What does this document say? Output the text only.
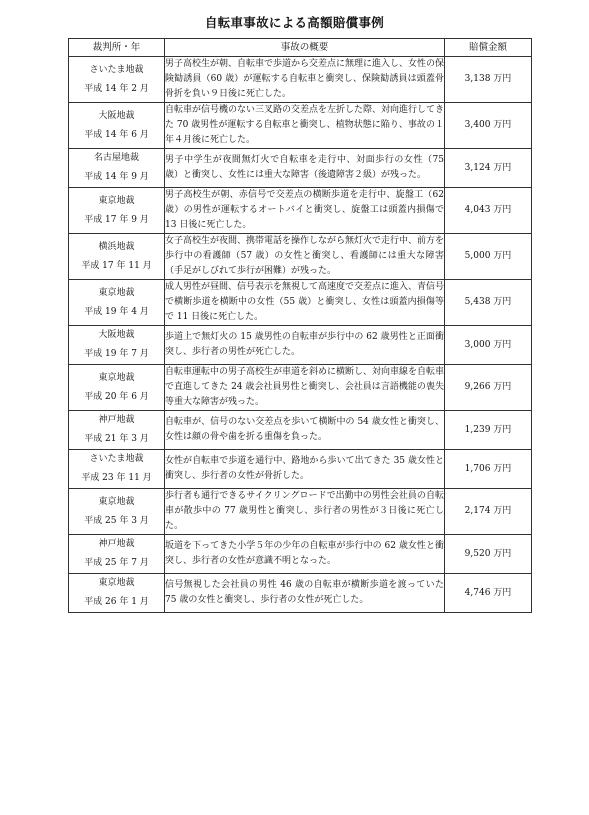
自転車事故による高額賠償事例
裁判所・年	事故の概要	賠償金額

さいたま地裁
平成 14 年 2 月	男子高校生が朝、自転車で歩道から交差点に無理に進入し、女性の保険勧誘員（60 歳）が運転する自転車と衝突し、保険勧誘員は頭蓋骨骨折を負い９日後に死亡した。	3,138 万円

大阪地裁
平成 14 年 6 月	自転車が信号機のない三叉路の交差点を左折した際、対向進行してきた 70 歳男性が運転する自転車と衝突し、植物状態に陥り、事故の１年４月後に死亡した。	3,400 万円

名古屋地裁
平成 14 年 9 月	男子中学生が夜間無灯火で自転車を走行中、対面歩行の女性（75 歳）と衝突し、女性には重大な障害（後遺障害２級）が残った。	3,124 万円

東京地裁
平成 17 年 9 月	男子高校生が朝、赤信号で交差点の横断歩道を走行中、旋盤工（62 歳）の男性が運転するオートバイと衝突し、旋盤工は頭蓋内損傷で 13 日後に死亡した。	4,043 万円

横浜地裁
平成 17 年 11 月	女子高校生が夜間、携帯電話を操作しながら無灯火で走行中、前方を歩行中の看護師（57 歳）の女性と衝突し、看護師には重大な障害（手足がしびれて歩行が困難）が残った。	5,000 万円

東京地裁
平成 19 年 4 月	成人男性が昼間、信号表示を無視して高速度で交差点に進入、青信号で横断歩道を横断中の女性（55 歳）と衝突し、女性は頭蓋内損傷等で 11 日後に死亡した。	5,438 万円

大阪地裁
平成 19 年 7 月	歩道上で無灯火の 15 歳男性の自転車が歩行中の 62 歳男性と正面衝突し、歩行者の男性が死亡した。	3,000 万円

東京地裁
平成 20 年 6 月	自転車運転中の男子高校生が車道を斜めに横断し、対向車線を自転車で直進してきた 24 歳会社員男性と衝突し、会社員は言語機能の喪失等重大な障害が残った。	9,266 万円

神戸地裁
平成 21 年 3 月	自転車が、信号のない交差点を歩いて横断中の 54 歳女性と衝突し、女性は顔の骨や歯を折る重傷を負った。	1,239 万円

さいたま地裁
平成 23 年 11 月	女性が自転車で歩道を通行中、路地から歩いて出てきた 35 歳女性と衝突し、歩行者の女性が骨折した。	1,706 万円

東京地裁
平成 25 年 3 月	歩行者も通行できるサイクリングロードで出勤中の男性会社員の自転車が散歩中の 77 歳男性と衝突し、歩行者の男性が３日後に死亡した。	2,174 万円

神戸地裁
平成 25 年 7 月	坂道を下ってきた小学５年の少年の自転車が歩行中の 62 歳女性と衝突し、歩行者の女性が意識不明となった。	9,520 万円

東京地裁
平成 26 年 1 月	信号無視した会社員の男性 46 歳の自転車が横断歩道を渡っていた 75 歳の女性と衝突し、歩行者の女性が死亡した。	4,746 万円
